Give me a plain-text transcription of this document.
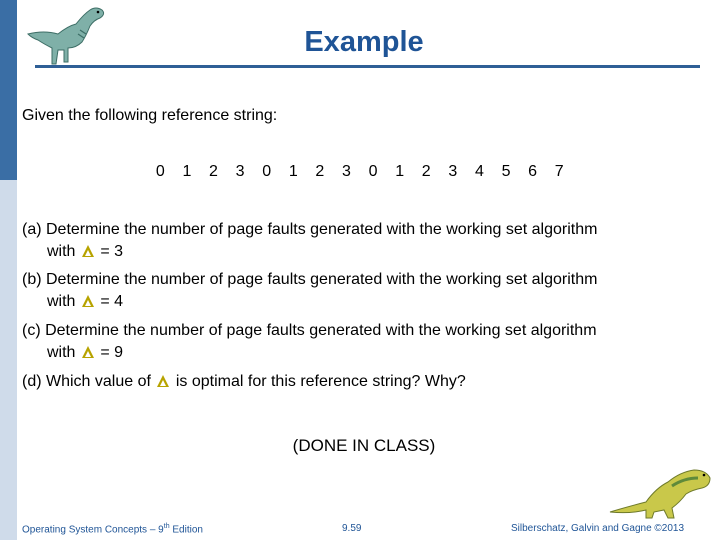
Example
Given the following reference string:
0	1	2	3	0	1	2	3	0	1	2	3	4	5	6	7
(a) Determine the number of page faults generated with the working set algorithm
with = 3
(b) Determine the number of page faults generated with the working set algorithm
with = 4
(c) Determine the number of page faults generated with the working set algorithm
with = 9
(d) Which value of is optimal for this reference string? Why?
(DONE IN CLASS)
Operating System Concepts – 9th Edition	9.59	Silberschatz, Galvin and Gagne ©2013
